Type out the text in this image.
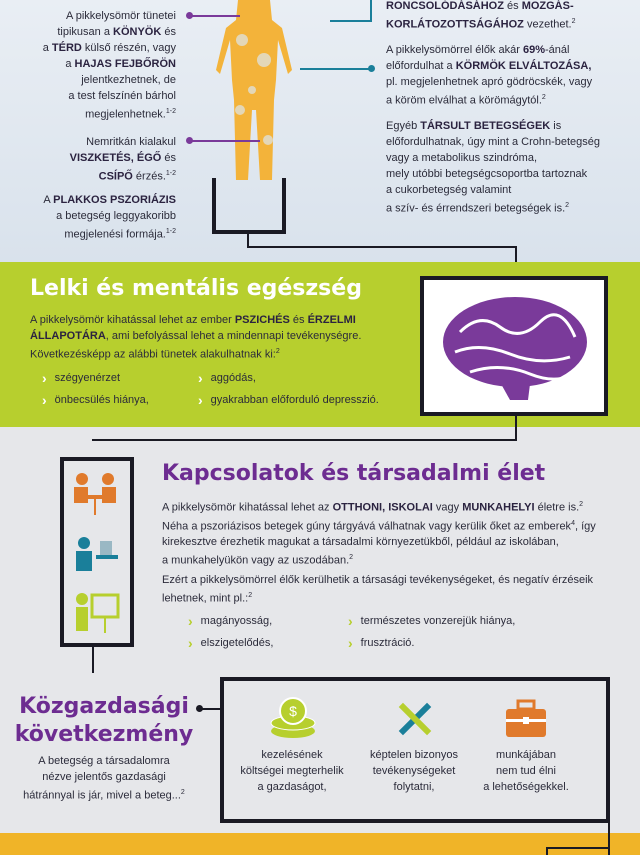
A pikkelysömör tünetei
tipikusan a KÖNYÖK és
a TÉRD külső részén, vagy
a HAJAS FEJBŐRÖN
jelentkezhetnek, de
a test felszínén bárhol
megjelenhetnek.$^{1-2}$
Nemritkán kialakul
VISZKETÉS, ÉGŐ és
CSÍPŐ érzés.$^{1-2}$
A PLAKKOS PSZORIÁZIS
a betegség leggyakoribb
megjelenési formája.$^{1-2}$
RONCSOLÓDÁSÁHOZ és MOZGÁS-
KORLÁTOZOTTSÁGÁHOZ vezethet.$^2$
A pikkelysömörrel élők akár 69%-ánál
előfordulhat a KÖRMÖK ELVÁLTOZÁSA,
pl. megjelenhetnek apró gödröcskék, vagy
a köröm elválhat a körömágytól.$^2$
Egyéb TÁRSULT BETEGSÉGEK is
előfordulhatnak, úgy mint a Crohn-betegség
vagy a metabolikus szindróma,
mely utóbbi betegségcsoportba tartoznak
a cukorbetegség valamint
a szív- és érrendszeri betegségek is.$^2$
Lelki és mentális egészség
A pikkelysömör kihatással lehet az ember PSZICHÉS és ÉRZELMI
ÁLLAPOTÁRA, ami befolyással lehet a mindennapi tevékenységre.
Következésképp az alábbi tünetek alakulhatnak ki:$^2$
› szégyenérzet	› aggódás,
› önbecsülés hiánya,	› gyakrabban előforduló depresszió.
Kapcsolatok és társadalmi élet
A pikkelysömör kihatással lehet az OTTHONI, ISKOLAI vagy MUNKAHELYI életre is.$^2$
Néha a pszoriázisos betegek gúny tárgyává válhatnak vagy kerülik őket az emberek$^4$, így kirekesztve érezhetik magukat a társadalmi környezetükből, például az iskolában,
a munkahelyükön vagy az uszodában.$^2$
Ezért a pikkelysömörrel élők kerülhetik a társasági tevékenységeket, és negatív érzéseik
lehetnek, mint pl.:$^2$
› magányosság,	› természetes vonzerejük hiánya,
› elszigetelődés,	› frusztráció.
Közgazdasági
következmény
A betegség a társadalomra
nézve jelentős gazdasági
hátránnyal is jár, mivel a beteg...$^2$
$
kezelésének
költségei megterhelik
a gazdaságot,
képtelen bizonyos
tevékenységeket
folytatni,
munkájában
nem tud élni
a lehetőségekkel.
